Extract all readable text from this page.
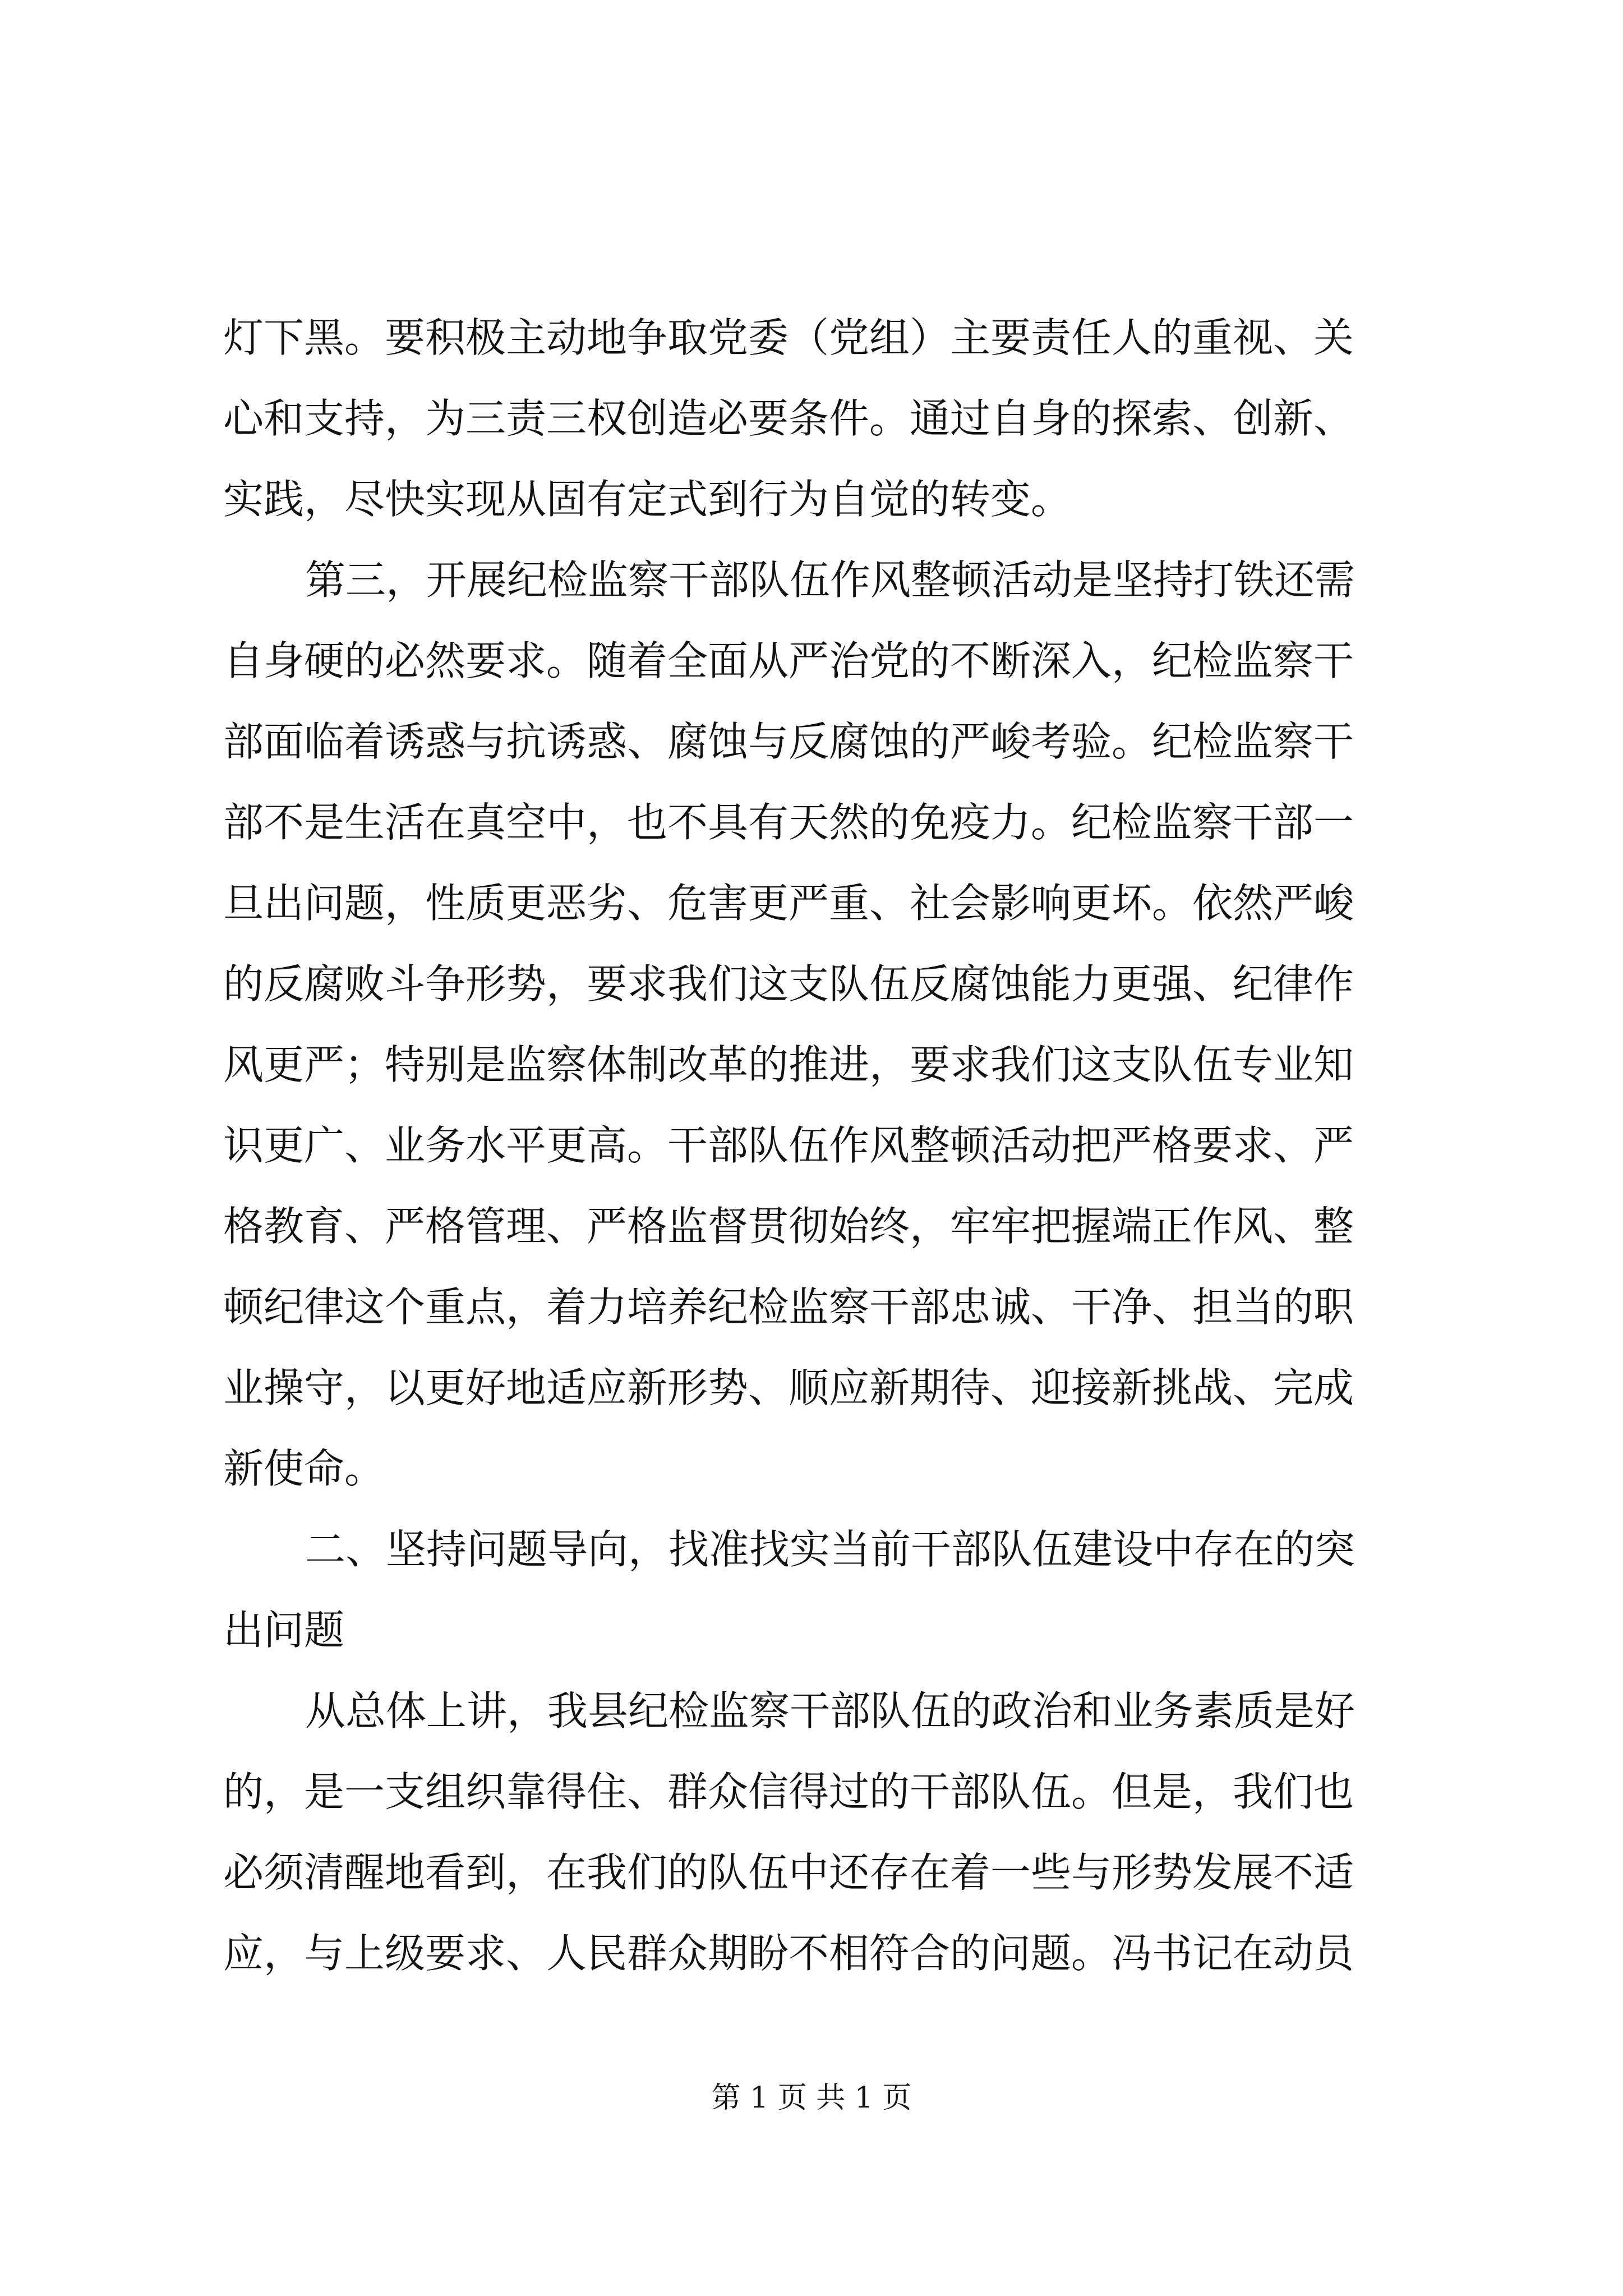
灯下黑。要积极主动地争取党委（党组）主要责任人的重视、关
心和支持，为三责三权创造必要条件。通过自身的探索、创新、
实践，尽快实现从固有定式到行为自觉的转变。
第三，开展纪检监察干部队伍作风整顿活动是坚持打铁还需
自身硬的必然要求。随着全面从严治党的不断深入，纪检监察干
部面临着诱惑与抗诱惑、腐蚀与反腐蚀的严峻考验。纪检监察干
部不是生活在真空中，也不具有天然的免疫力。纪检监察干部一
旦出问题，性质更恶劣、危害更严重、社会影响更坏。依然严峻
的反腐败斗争形势，要求我们这支队伍反腐蚀能力更强、纪律作
风更严；特别是监察体制改革的推进，要求我们这支队伍专业知
识更广、业务水平更高。干部队伍作风整顿活动把严格要求、严
格教育、严格管理、严格监督贯彻始终，牢牢把握端正作风、整
顿纪律这个重点，着力培养纪检监察干部忠诚、干净、担当的职
业操守，以更好地适应新形势、顺应新期待、迎接新挑战、完成
新使命。
二、坚持问题导向，找准找实当前干部队伍建设中存在的突
出问题
从总体上讲，我县纪检监察干部队伍的政治和业务素质是好
的，是一支组织靠得住、群众信得过的干部队伍。但是，我们也
必须清醒地看到，在我们的队伍中还存在着一些与形势发展不适
应，与上级要求、人民群众期盼不相符合的问题。冯书记在动员
第 1 页 共 1 页
